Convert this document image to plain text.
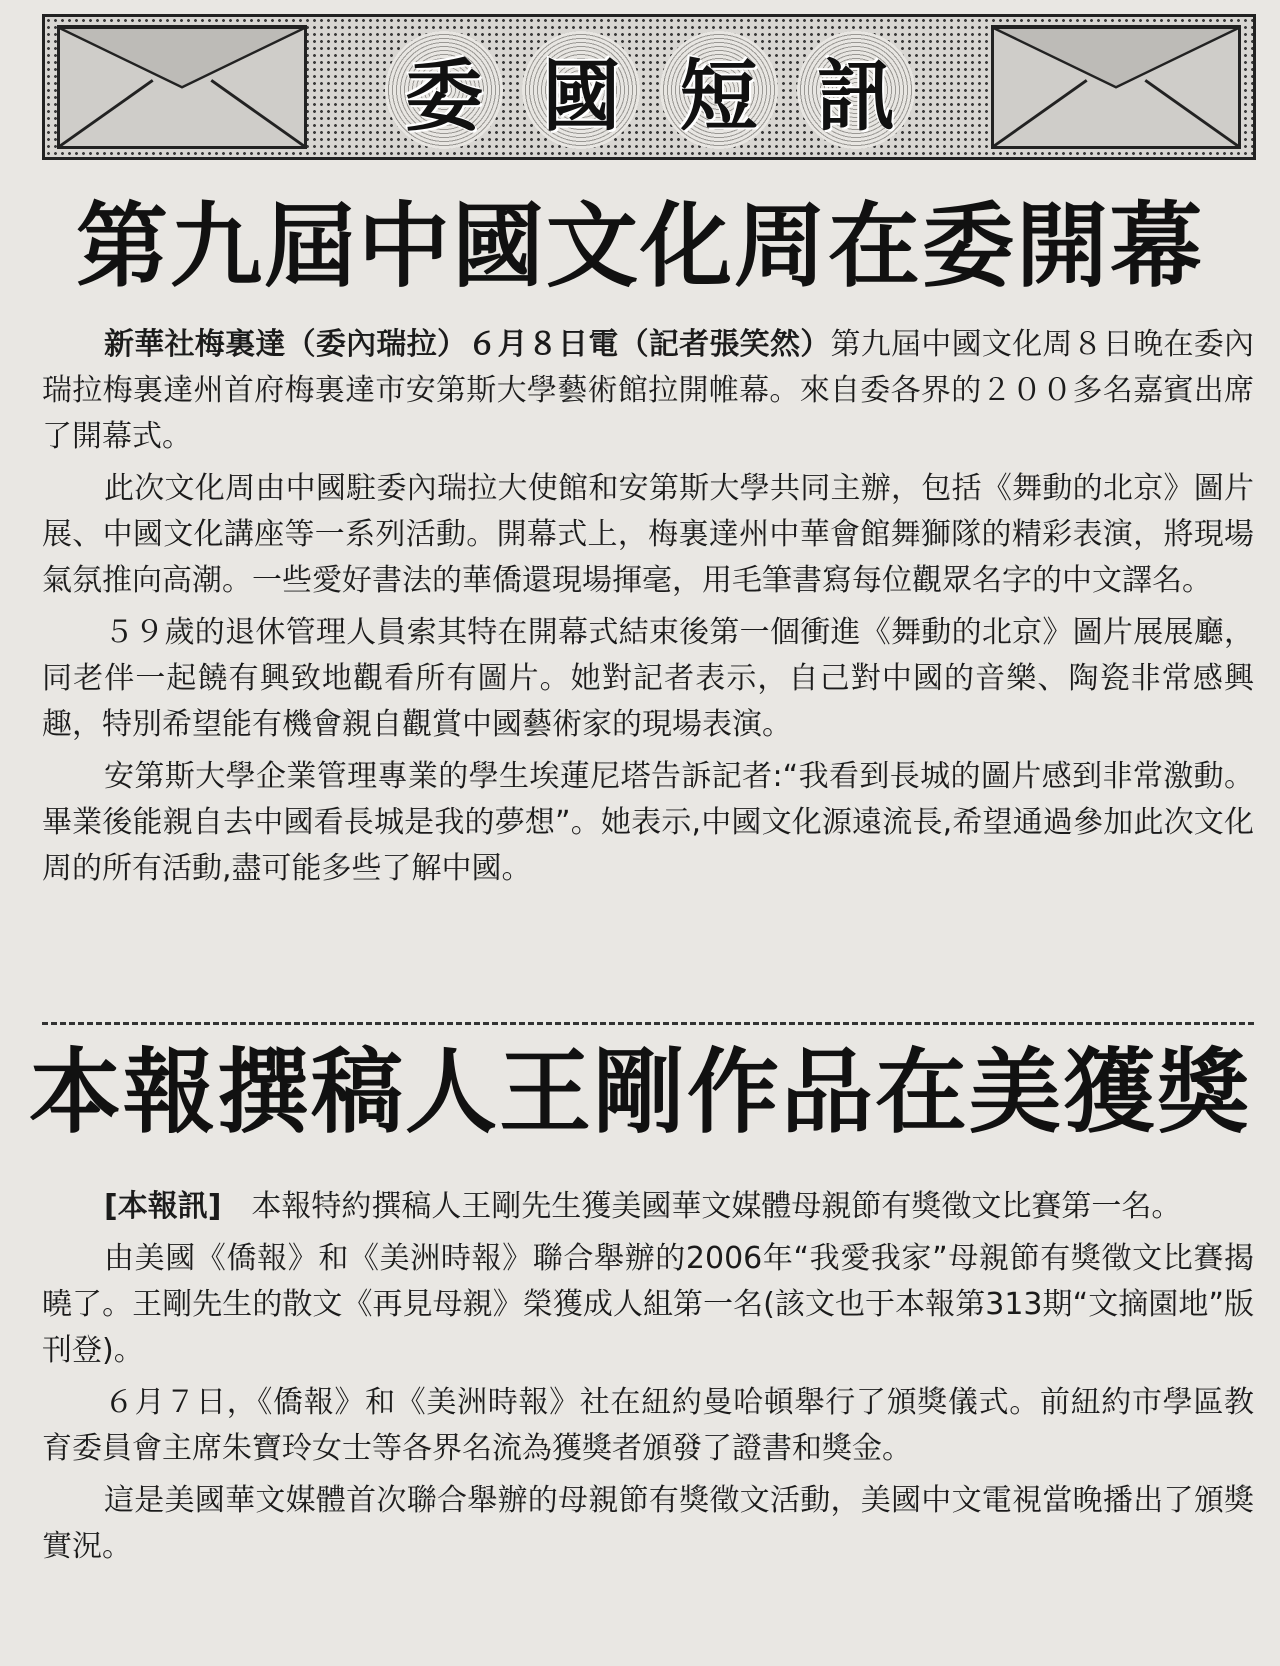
委 國 短 訊
第九屆中國文化周在委開幕

新華社梅裏達（委內瑞拉）６月８日電（記者張笑然）第九屆中國文化周８日晚在委內瑞拉梅裏達州首府梅裏達市安第斯大學藝術館拉開帷幕。來自委各界的２００多名嘉賓出席了開幕式。

此次文化周由中國駐委內瑞拉大使館和安第斯大學共同主辦，包括《舞動的北京》圖片展、中國文化講座等一系列活動。開幕式上，梅裏達州中華會館舞獅隊的精彩表演，將現場氣氛推向高潮。一些愛好書法的華僑還現場揮毫，用毛筆書寫每位觀眾名字的中文譯名。

５９歲的退休管理人員索其特在開幕式結束後第一個衝進《舞動的北京》圖片展展廳，同老伴一起饒有興致地觀看所有圖片。她對記者表示，自己對中國的音樂、陶瓷非常感興趣，特別希望能有機會親自觀賞中國藝術家的現場表演。

安第斯大學企業管理專業的學生埃蓮尼塔告訴記者:“我看到長城的圖片感到非常激動。畢業後能親自去中國看長城是我的夢想”。她表示,中國文化源遠流長,希望通過參加此次文化周的所有活動,盡可能多些了解中國。

本報撰稿人王剛作品在美獲獎

[本報訊]　 本報特約撰稿人王剛先生獲美國華文媒體母親節有獎徵文比賽第一名。

由美國《僑報》和《美洲時報》聯合舉辦的2006年“我愛我家”母親節有獎徵文比賽揭曉了。王剛先生的散文《再見母親》榮獲成人組第一名(該文也于本報第313期“文摘園地”版刊登)。

６月７日，《僑報》和《美洲時報》社在紐約曼哈頓舉行了頒獎儀式。前紐約市學區教育委員會主席朱寶玲女士等各界名流為獲獎者頒發了證書和獎金。

這是美國華文媒體首次聯合舉辦的母親節有獎徵文活動，美國中文電視當晚播出了頒獎實況。
